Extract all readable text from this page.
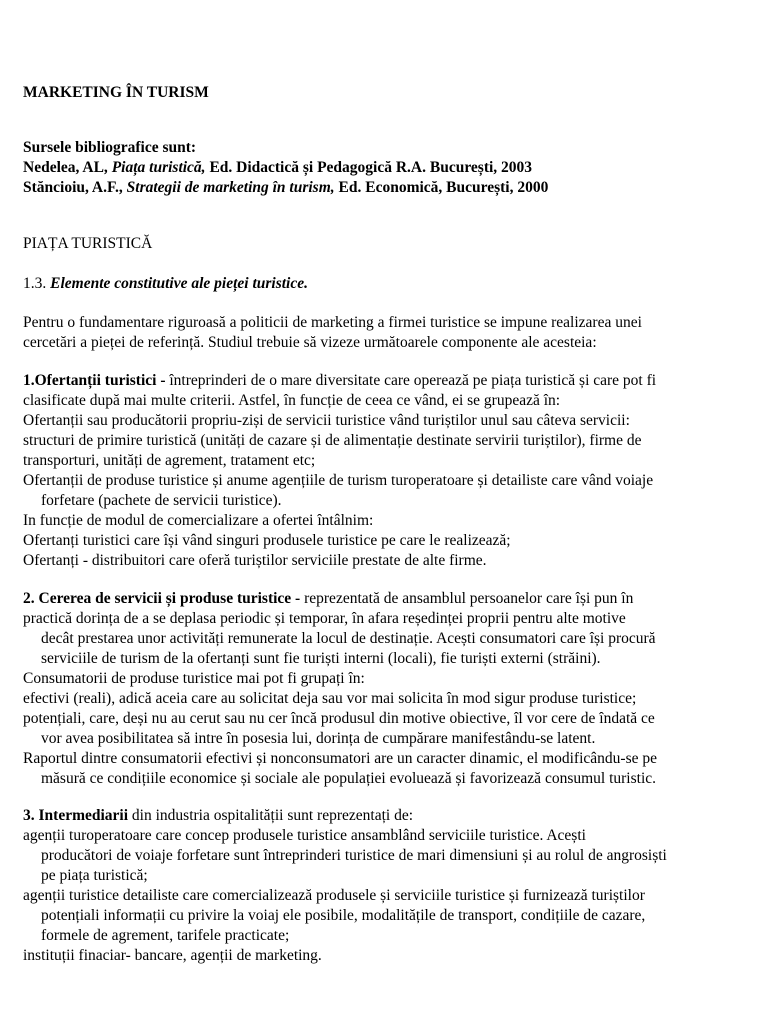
MARKETING ÎN TURISM

Sursele bibliografice sunt:

Nedelea, AL, Piața turistică, Ed. Didactică și Pedagogică R.A. București, 2003

Stăncioiu, A.F., Strategii de marketing în turism, Ed. Economică, București, 2000

PIAȚA TURISTICĂ

1.3. Elemente constitutive ale pieței turistice.

Pentru o fundamentare riguroasă a politicii de marketing a firmei turistice se impune realizarea unei

cercetări a pieței de referință. Studiul trebuie să vizeze următoarele componente ale acesteia:

1.Ofertanții turistici - întreprinderi de o mare diversitate care operează pe piața turistică și care pot fi

clasificate după mai multe criterii. Astfel, în funcție de ceea ce vând, ei se grupează în:

Ofertanții sau producătorii propriu-ziși de servicii turistice vând turiștilor unul sau câteva servicii:

structuri de primire turistică (unități de cazare și de alimentație destinate servirii turiștilor), firme de

transporturi, unități de agrement, tratament etc;

Ofertanții de produse turistice și anume agențiile de turism turoperatoare și detailiste care vând voiaje

forfetare (pachete de servicii turistice).

In funcție de modul de comercializare a ofertei întâlnim:

Ofertanți turistici care își vând singuri produsele turistice pe care le realizează;

Ofertanți - distribuitori care oferă turiștilor serviciile prestate de alte firme.

2. Cererea de servicii și produse turistice - reprezentată de ansamblul persoanelor care își pun în

practică dorința de a se deplasa periodic și temporar, în afara reședinței proprii pentru alte motive

decât prestarea unor activități remunerate la locul de destinație. Acești consumatori care își procură

serviciile de turism de la ofertanți sunt fie turiști interni (locali), fie turiști externi (străini).

Consumatorii de produse turistice mai pot fi grupați în:

efectivi (reali), adică aceia care au solicitat deja sau vor mai solicita în mod sigur produse turistice;

potențiali, care, deși nu au cerut sau nu cer încă produsul din motive obiective, îl vor cere de îndată ce

vor avea posibilitatea să intre în posesia lui, dorința de cumpărare manifestându-se latent.

Raportul dintre consumatorii efectivi și nonconsumatori are un caracter dinamic, el modificându-se pe

măsură ce condițiile economice și sociale ale populației evoluează și favorizează consumul turistic.

3. Intermediarii din industria ospitalității sunt reprezentați de:

agenții turoperatoare care concep produsele turistice ansamblând serviciile turistice. Acești

producători de voiaje forfetare sunt întreprinderi turistice de mari dimensiuni și au rolul de angrosiști

pe piața turistică;

agenții turistice detailiste care comercializează produsele și serviciile turistice și furnizează turiștilor

potențiali informații cu privire la voiaj ele posibile, modalitățile de transport, condițiile de cazare,

formele de agrement, tarifele practicate;

instituții finaciar- bancare, agenții de marketing.
